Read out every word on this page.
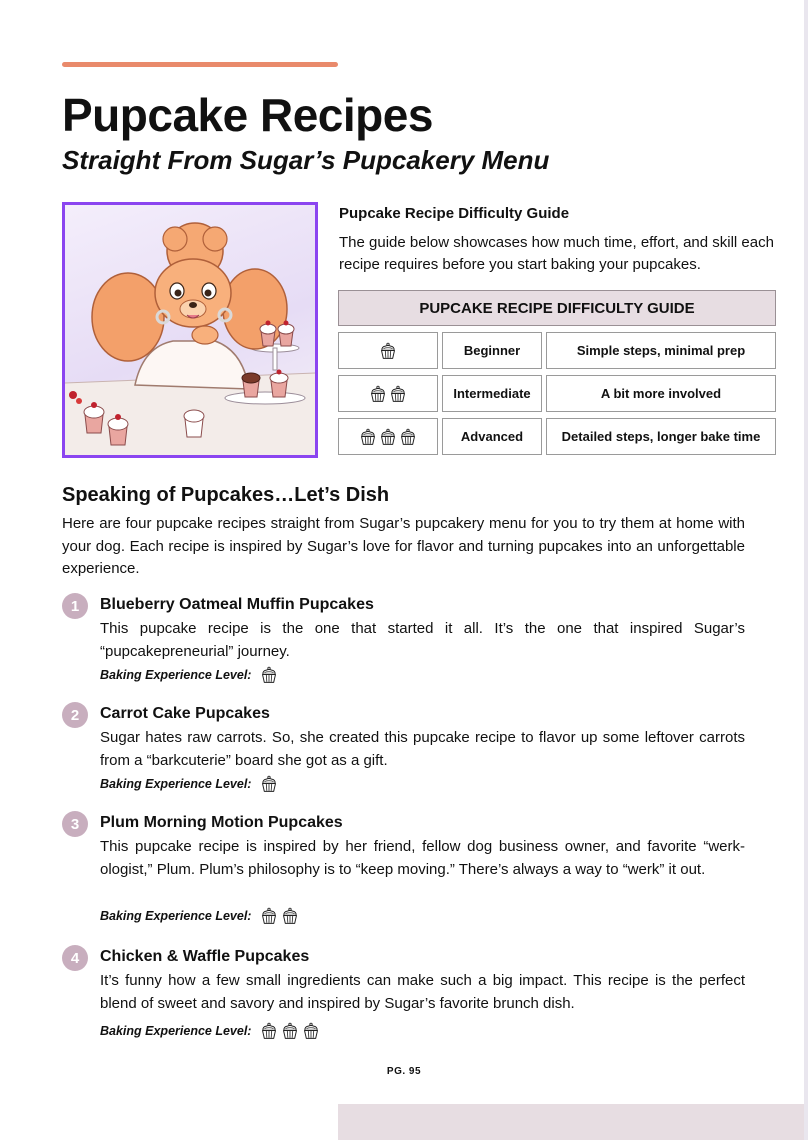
Pupcake Recipes
Straight From Sugar’s Pupcakery Menu
Pupcake Recipe Difficulty Guide
The guide below showcases how much time, effort, and skill each recipe requires before you start baking your pupcakes.
PUPCAKE RECIPE DIFFICULTY GUIDE
Beginner	Simple steps, minimal prep
Intermediate	A bit more involved
Advanced	Detailed steps, longer bake time
Speaking of Pupcakes…Let’s Dish
Here are four pupcake recipes straight from Sugar’s pupcakery menu for you to try them at home with your dog. Each recipe is inspired by Sugar’s love for flavor and turning pupcakes into an unforgettable experience.
1	Blueberry Oatmeal Muffin Pupcakes
This pupcake recipe is the one that started it all. It’s the one that inspired Sugar’s “pupcakepreneurial” journey.
Baking Experience Level:
2	Carrot Cake Pupcakes
Sugar hates raw carrots. So, she created this pupcake recipe to flavor up some leftover carrots from a “barkcuterie” board she got as a gift.
Baking Experience Level:
3	Plum Morning Motion Pupcakes
This pupcake recipe is inspired by her friend, fellow dog business owner, and favorite “werk-ologist,” Plum. Plum’s philosophy is to “keep moving.” There’s always a way to “werk” it out.
Baking Experience Level:
4	Chicken & Waffle Pupcakes
It’s funny how a few small ingredients can make such a big impact. This recipe is the perfect blend of sweet and savory and inspired by Sugar’s favorite brunch dish.
Baking Experience Level:
PG. 95
